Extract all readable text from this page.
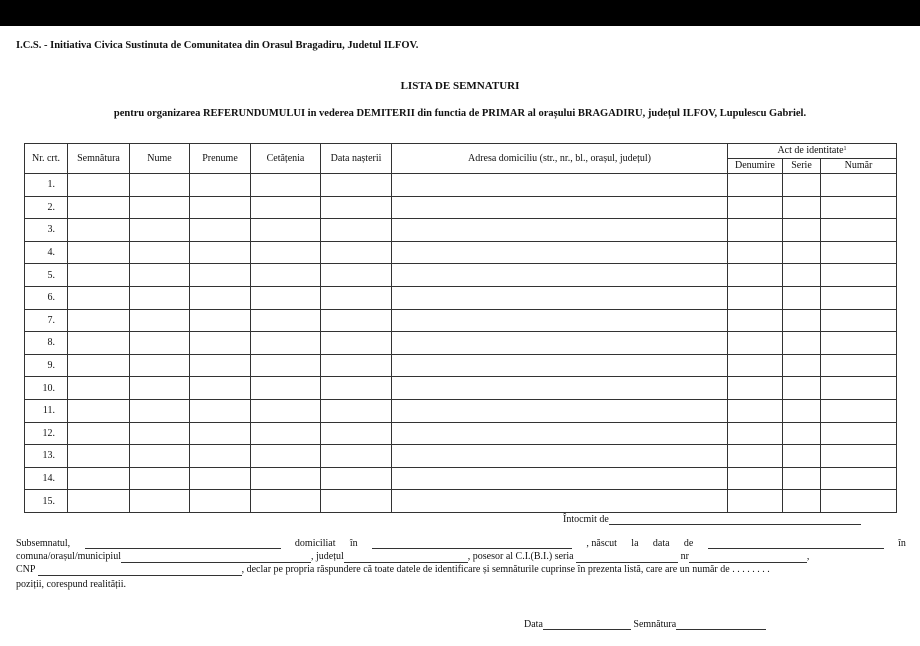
I.C.S. - Initiativa Civica Sustinuta de Comunitatea din Orasul Bragadiru, Judetul ILFOV.
LISTA DE SEMNATURI
pentru organizarea REFERUNDUMULUI in vederea DEMITERII din functia de PRIMAR al orașului BRAGADIRU, județul ILFOV, Lupulescu Gabriel.
Nr. crt.	Semnătura	Nume	Prenume	Cetățenia	Data nașterii	Adresa domiciliu (str., nr., bl., orașul, județul)	Act de identitate$^1$
							Denumire	Serie	Număr
1.									
2.									
3.									
4.									
5.									
6.									
7.									
8.									
9.									
10.									
11.									
12.									
13.									
14.									
15.									
Întocmit de
Subsemnatul,	domiciliat în	, născut la data de	în
comuna/orașul/municipiul	, județul	, posesor al C.I.(B.I.) seria	nr	,
CNP	, declar pe propria răspundere că toate datele de identificare și semnăturile cuprinse în prezenta listă, care are un număr de . . . . . . . .
poziții, corespund realității.
Data	Semnătura
